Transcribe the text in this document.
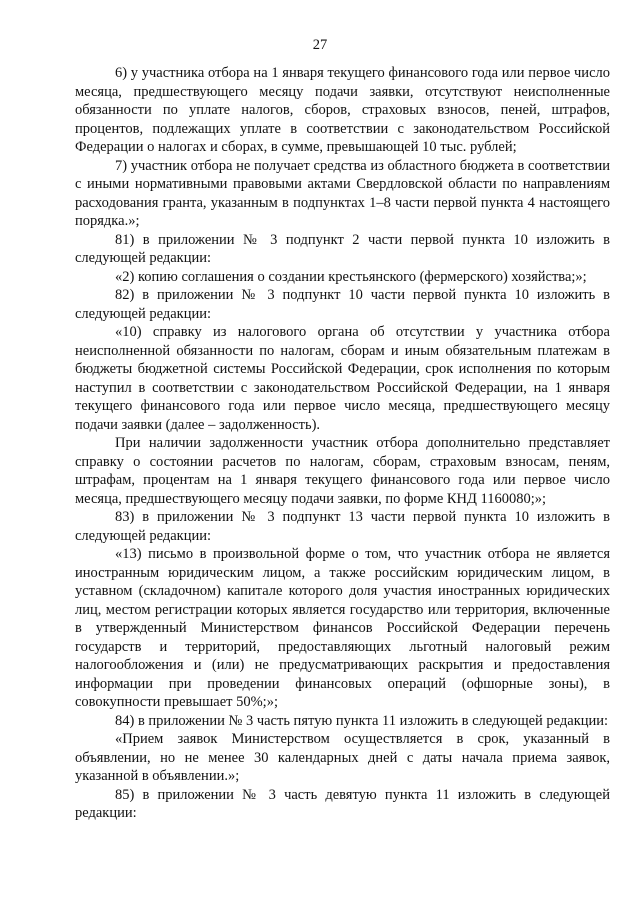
27

6) у участника отбора на 1 января текущего финансового года или первое число месяца, предшествующего месяцу подачи заявки, отсутствуют неисполненные обязанности по уплате налогов, сборов, страховых взносов, пеней, штрафов, процентов, подлежащих уплате в соответствии с законодательством Российской Федерации о налогах и сборах, в сумме, превышающей 10 тыс. рублей;

7) участник отбора не получает средства из областного бюджета в соответствии с иными нормативными правовыми актами Свердловской области по направлениям расходования гранта, указанным в подпунктах 1–8 части первой пункта 4 настоящего порядка.»;

81) в приложении № 3 подпункт 2 части первой пункта 10 изложить в следующей редакции:

«2) копию соглашения о создании крестьянского (фермерского) хозяйства;»;

82) в приложении № 3 подпункт 10 части первой пункта 10 изложить в следующей редакции:

«10) справку из налогового органа об отсутствии у участника отбора неисполненной обязанности по налогам, сборам и иным обязательным платежам в бюджеты бюджетной системы Российской Федерации, срок исполнения по которым наступил в соответствии с законодательством Российской Федерации, на 1 января текущего финансового года или первое число месяца, предшествующего месяцу подачи заявки (далее – задолженность).

При наличии задолженности участник отбора дополнительно представляет справку о состоянии расчетов по налогам, сборам, страховым взносам, пеням, штрафам, процентам на 1 января текущего финансового года или первое число месяца, предшествующего месяцу подачи заявки, по форме КНД 1160080;»;

83) в приложении № 3 подпункт 13 части первой пункта 10 изложить в следующей редакции:

«13) письмо в произвольной форме о том, что участник отбора не является иностранным юридическим лицом, а также российским юридическим лицом, в уставном (складочном) капитале которого доля участия иностранных юридических лиц, местом регистрации которых является государство или территория, включенные в утвержденный Министерством финансов Российской Федерации перечень государств и территорий, предоставляющих льготный налоговый режим налогообложения и (или) не предусматривающих раскрытия и предоставления информации при проведении финансовых операций (офшорные зоны), в совокупности превышает 50%;»;

84) в приложении № 3 часть пятую пункта 11 изложить в следующей редакции:

«Прием заявок Министерством осуществляется в срок, указанный в объявлении, но не менее 30 календарных дней с даты начала приема заявок, указанной в объявлении.»;

85) в приложении № 3 часть девятую пункта 11 изложить в следующей редакции:
